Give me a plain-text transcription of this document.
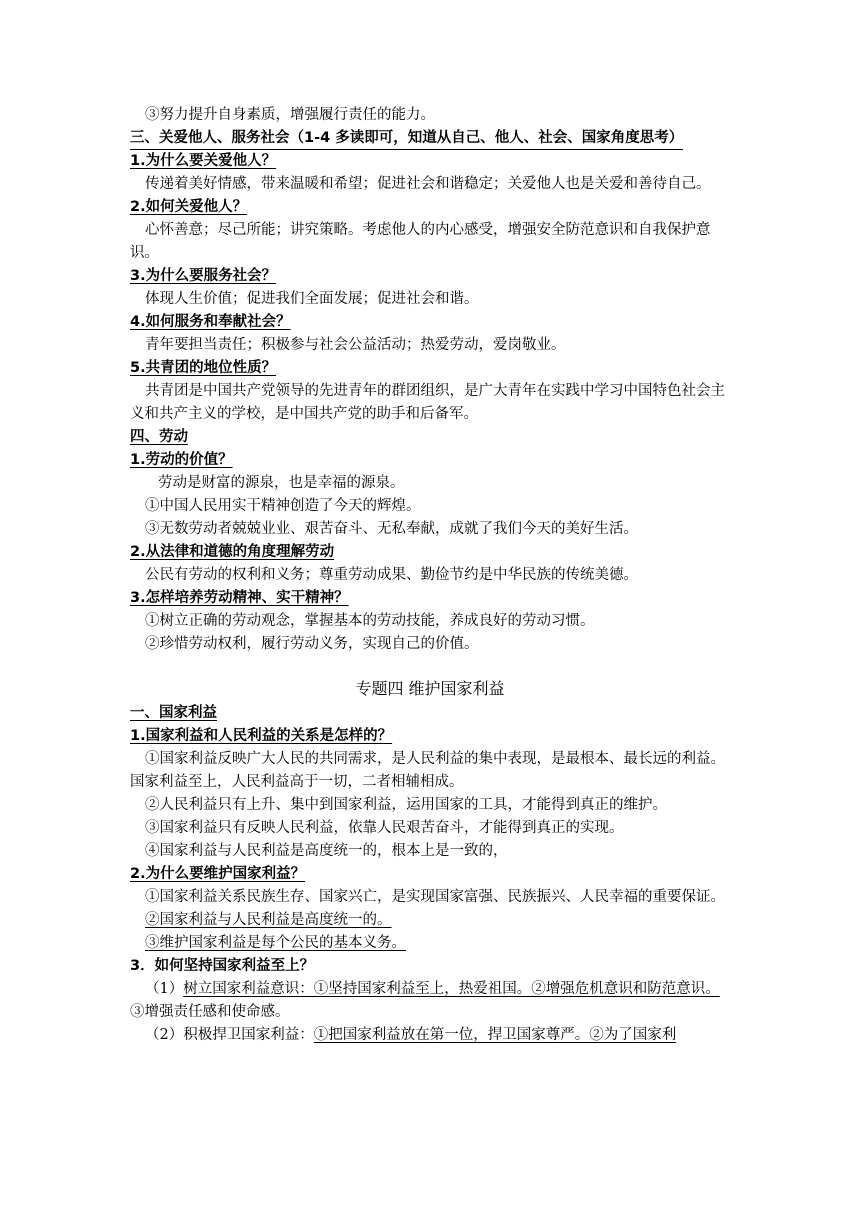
③努力提升自身素质，增强履行责任的能力。
三、关爱他人、服务社会（1-4 多读即可，知道从自己、他人、社会、国家角度思考）
1.为什么要关爱他人？
传递着美好情感，带来温暖和希望；促进社会和谐稳定；关爱他人也是关爱和善待自己。
2.如何关爱他人？
心怀善意；尽己所能；讲究策略。考虑他人的内心感受，增强安全防范意识和自我保护意识。
3.为什么要服务社会？
体现人生价值；促进我们全面发展；促进社会和谐。
4.如何服务和奉献社会？
青年要担当责任；积极参与社会公益活动；热爱劳动，爱岗敬业。
5.共青团的地位性质？
共青团是中国共产党领导的先进青年的群团组织，是广大青年在实践中学习中国特色社会主义和共产主义的学校，是中国共产党的助手和后备军。
四、劳动
1.劳动的价值？
劳动是财富的源泉，也是幸福的源泉。
①中国人民用实干精神创造了今天的辉煌。
③无数劳动者兢兢业业、艰苦奋斗、无私奉献，成就了我们今天的美好生活。
2.从法律和道德的角度理解劳动
公民有劳动的权利和义务；尊重劳动成果、勤俭节约是中华民族的传统美德。
3.怎样培养劳动精神、实干精神？
①树立正确的劳动观念，掌握基本的劳动技能，养成良好的劳动习惯。
②珍惜劳动权利，履行劳动义务，实现自己的价值。
专题四 维护国家利益
一、国家利益
1.国家利益和人民利益的关系是怎样的？
①国家利益反映广大人民的共同需求，是人民利益的集中表现，是最根本、最长远的利益。国家利益至上，人民利益高于一切，二者相辅相成。
②人民利益只有上升、集中到国家利益，运用国家的工具，才能得到真正的维护。
③国家利益只有反映人民利益，依靠人民艰苦奋斗，才能得到真正的实现。
④国家利益与人民利益是高度统一的，根本上是一致的，
2.为什么要维护国家利益？
①国家利益关系民族生存、国家兴亡，是实现国家富强、民族振兴、人民幸福的重要保证。
②国家利益与人民利益是高度统一的。
③维护国家利益是每个公民的基本义务。
3．如何坚持国家利益至上？
（1）树立国家利益意识：①坚持国家利益至上，热爱祖国。②增强危机意识和防范意识。③增强责任感和使命感。
（2）积极捍卫国家利益：①把国家利益放在第一位，捍卫国家尊严。②为了国家利
